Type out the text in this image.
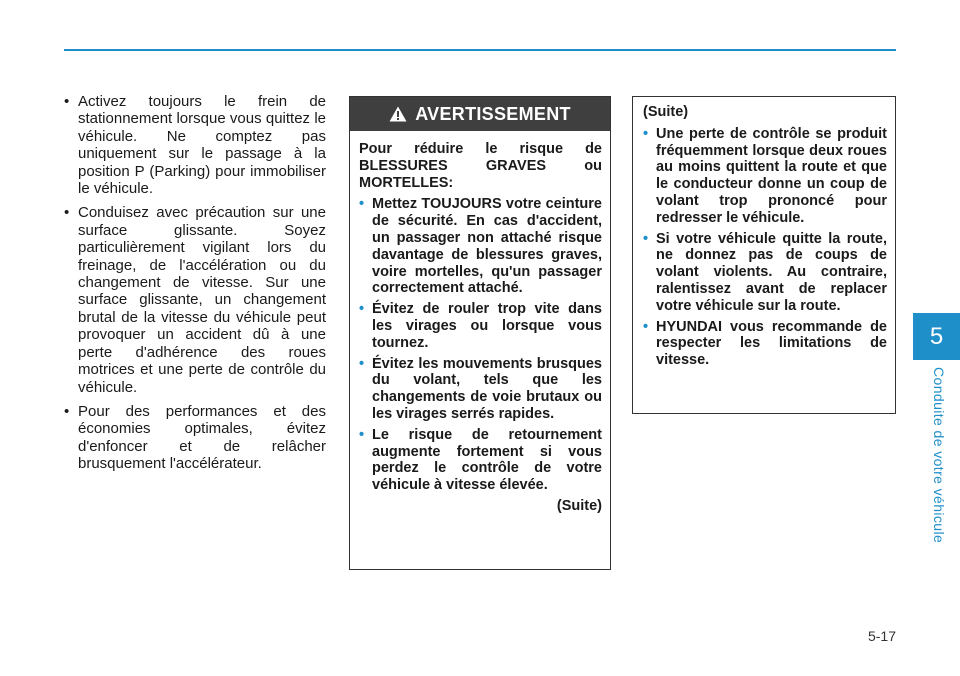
5
Conduite de votre véhicule
• Activez toujours le frein de stationnement lorsque vous quittez le véhicule. Ne comptez pas uniquement sur le passage à la position P (Parking) pour immobiliser le véhicule.
• Conduisez avec précaution sur une surface glissante. Soyez particulièrement vigilant lors du freinage, de l'accélération ou du changement de vitesse. Sur une surface glissante, un changement brutal de la vitesse du véhicule peut provoquer un accident dû à une perte d'adhérence des roues motrices et une perte de contrôle du véhicule.
• Pour des performances et des économies optimales, évitez d'enfoncer et de relâcher brusquement l'accélérateur.
AVERTISSEMENT

Pour réduire le risque de BLESSURES GRAVES ou MORTELLES:

• Mettez TOUJOURS votre ceinture de sécurité. En cas d'accident, un passager non attaché risque davantage de blessures graves, voire mortelles, qu'un passager correctement attaché.
• Évitez de rouler trop vite dans les virages ou lorsque vous tournez.
• Évitez les mouvements brusques du volant, tels que les changements de voie brutaux ou les virages serrés rapides.
• Le risque de retournement augmente fortement si vous perdez le contrôle de votre véhicule à vitesse élevée.
(Suite)

(Suite)

• Une perte de contrôle se produit fréquemment lorsque deux roues au moins quittent la route et que le conducteur donne un coup de volant trop prononcé pour redresser le véhicule.
• Si votre véhicule quitte la route, ne donnez pas de coups de volant violents. Au contraire, ralentissez avant de replacer votre véhicule sur la route.
• HYUNDAI vous recommande de respecter les limitations de vitesse.
5-17
